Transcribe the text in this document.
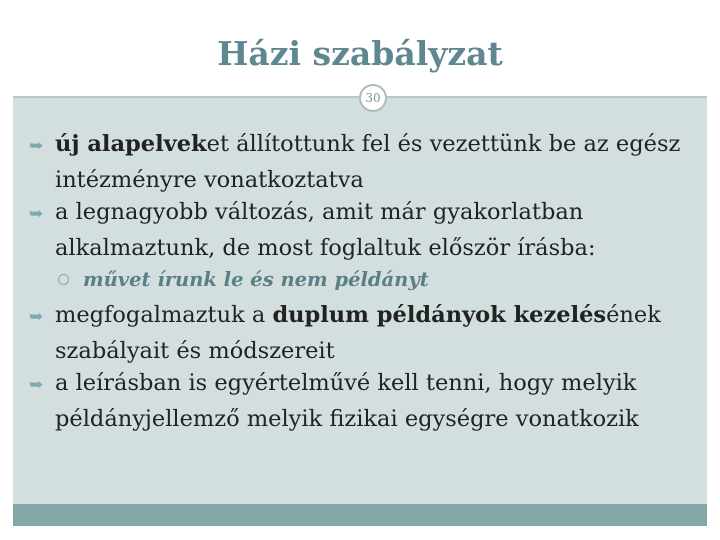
Házi szabályzat
30
➥ új alapelveket állítottunk fel és vezettünk be az egész intézményre vonatkoztatva
➥ a legnagyobb változás, amit már gyakorlatban alkalmaztunk, de most foglaltuk először írásba:
művet írunk le és nem példányt
➥ megfogalmaztuk a duplum példányok kezelésének szabályait és módszereit
➥ a leírásban is egyértelművé kell tenni, hogy melyik példányjellemző melyik fizikai egységre vonatkozik
